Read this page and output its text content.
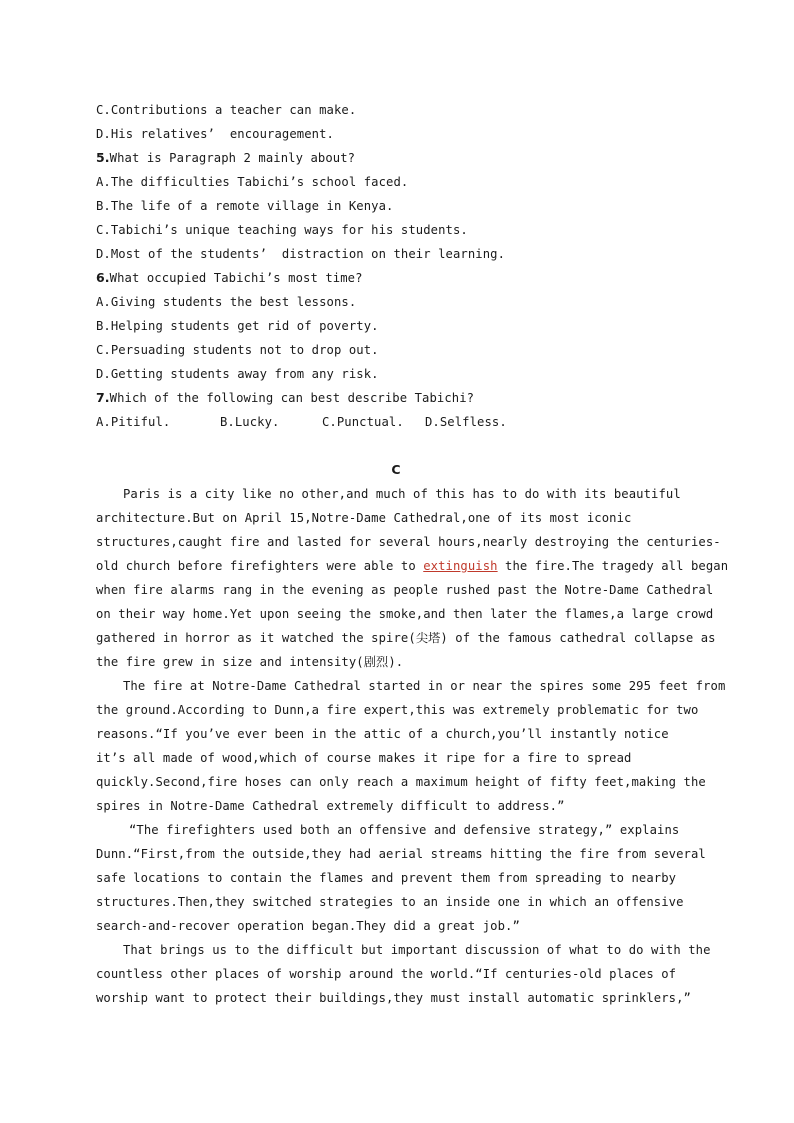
C.Contributions a teacher can make.
D.His relatives’  encouragement.
5.What is Paragraph 2 mainly about?
A.The difficulties Tabichi’s school faced.
B.The life of a remote village in Kenya.
C.Tabichi’s unique teaching ways for his students.
D.Most of the students’  distraction on their learning.
6.What occupied Tabichi’s most time?
A.Giving students the best lessons.
B.Helping students get rid of poverty.
C.Persuading students not to drop out.
D.Getting students away from any risk.
7.Which of the following can best describe Tabichi?
A.Pitiful.	B.Lucky.	C.Punctual.	D.Selfless.
C
Paris is a city like no other,and much of this has to do with its beautiful
architecture.But on April 15,Notre-Dame Cathedral,one of its most iconic
structures,caught fire and lasted for several hours,nearly destroying the centuries-
old church before firefighters were able to extinguish the fire.The tragedy all began
when fire alarms rang in the evening as people rushed past the Notre-Dame Cathedral
on their way home.Yet upon seeing the smoke,and then later the flames,a large crowd
gathered in horror as it watched the spire(尖塔) of the famous cathedral collapse as
the fire grew in size and intensity(剧烈).
The fire at Notre-Dame Cathedral started in or near the spires some 295 feet from
the ground.According to Dunn,a fire expert,this was extremely problematic for two
reasons.“If you’ve ever been in the attic of a church,you’ll instantly notice
it’s all made of wood,which of course makes it ripe for a fire to spread
quickly.Second,fire hoses can only reach a maximum height of fifty feet,making the
spires in Notre-Dame Cathedral extremely difficult to address.”
“The firefighters used both an offensive and defensive strategy,” explains
Dunn.“First,from the outside,they had aerial streams hitting the fire from several
safe locations to contain the flames and prevent them from spreading to nearby
structures.Then,they switched strategies to an inside one in which an offensive
search-and-recover operation began.They did a great job.”
That brings us to the difficult but important discussion of what to do with the
countless other places of worship around the world.“If centuries-old places of
worship want to protect their buildings,they must install automatic sprinklers,”
